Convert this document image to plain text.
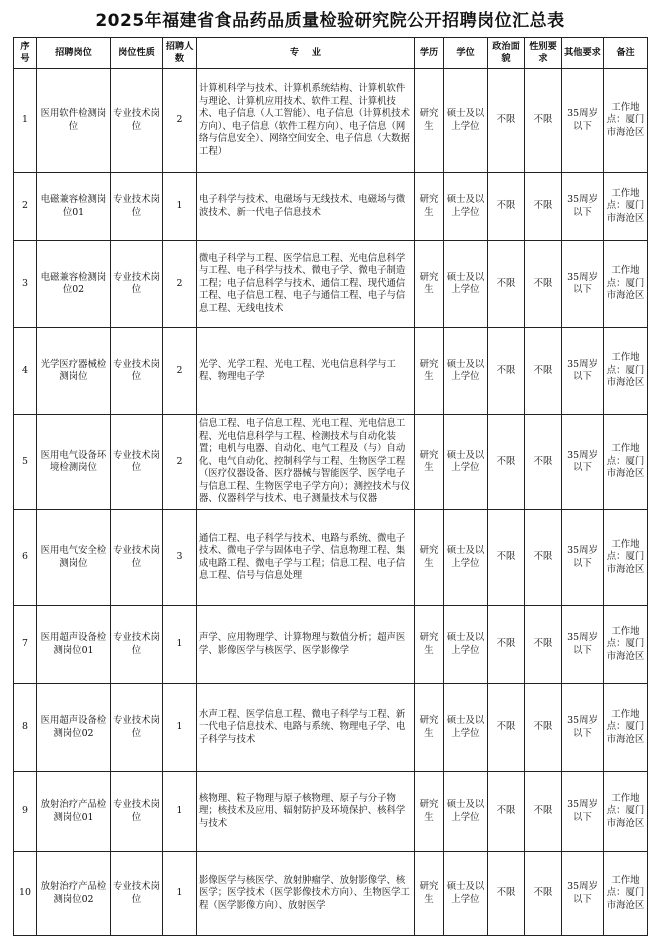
2025年福建省食品药品质量检验研究院公开招聘岗位汇总表
序号	招聘岗位	岗位性质	招聘人数	专    业	学历	学位	政治面貌	性别要求	其他要求	备注
1	医用软件检测岗位	专业技术岗位	2	计算机科学与技术、计算机系统结构、计算机软件与理论、计算机应用技术、软件工程、计算机技术、电子信息（人工智能）、电子信息（计算机技术方向）、电子信息（软件工程方向）、电子信息（网络与信息安全）、网络空间安全、电子信息（大数据工程）	研究生	硕士及以上学位	不限	不限	35周岁以下	工作地点：厦门市海沧区
2	电磁兼容检测岗位01	专业技术岗位	1	电子科学与技术、电磁场与无线技术、电磁场与微波技术、新一代电子信息技术	研究生	硕士及以上学位	不限	不限	35周岁以下	工作地点：厦门市海沧区
3	电磁兼容检测岗位02	专业技术岗位	2	微电子科学与工程、医学信息工程、光电信息科学与工程、电子科学与技术、微电子学、微电子制造工程；电子信息科学与技术、通信工程、现代通信工程、电子信息工程、电子与通信工程、电子与信息工程、无线电技术	研究生	硕士及以上学位	不限	不限	35周岁以下	工作地点：厦门市海沧区
4	光学医疗器械检测岗位	专业技术岗位	2	光学、光学工程、光电工程、光电信息科学与工程、物理电子学	研究生	硕士及以上学位	不限	不限	35周岁以下	工作地点：厦门市海沧区
5	医用电气设备环境检测岗位	专业技术岗位	2	信息工程、电子信息工程、光电工程、光电信息工程、光电信息科学与工程、检测技术与自动化装置；电机与电器、自动化、电气工程及（与）自动化、电气自动化、控制科学与工程、生物医学工程（医疗仪器设备、医疗器械与智能医学、医学电子与信息工程、生物医学电子学方向）；测控技术与仪器、仪器科学与技术、电子测量技术与仪器	研究生	硕士及以上学位	不限	不限	35周岁以下	工作地点：厦门市海沧区
6	医用电气安全检测岗位	专业技术岗位	3	通信工程、电子科学与技术、电路与系统、微电子技术、微电子学与固体电子学、信息物理工程、集成电路工程、微电子学与工程；信息工程、电子信息工程、信号与信息处理	研究生	硕士及以上学位	不限	不限	35周岁以下	工作地点：厦门市海沧区
7	医用超声设备检测岗位01	专业技术岗位	1	声学、应用物理学、计算物理与数值分析；超声医学、影像医学与核医学、医学影像学	研究生	硕士及以上学位	不限	不限	35周岁以下	工作地点：厦门市海沧区
8	医用超声设备检测岗位02	专业技术岗位	1	水声工程、医学信息工程、微电子科学与工程、新一代电子信息技术、电路与系统、物理电子学、电子科学与技术	研究生	硕士及以上学位	不限	不限	35周岁以下	工作地点：厦门市海沧区
9	放射治疗产品检测岗位01	专业技术岗位	1	核物理、粒子物理与原子核物理、原子与分子物理；核技术及应用、辐射防护及环境保护、核科学与技术	研究生	硕士及以上学位	不限	不限	35周岁以下	工作地点：厦门市海沧区
10	放射治疗产品检测岗位02	专业技术岗位	1	影像医学与核医学、放射肿瘤学、放射影像学、核医学；医学技术（医学影像技术方向）、生物医学工程（医学影像方向）、放射医学	研究生	硕士及以上学位	不限	不限	35周岁以下	工作地点：厦门市海沧区
